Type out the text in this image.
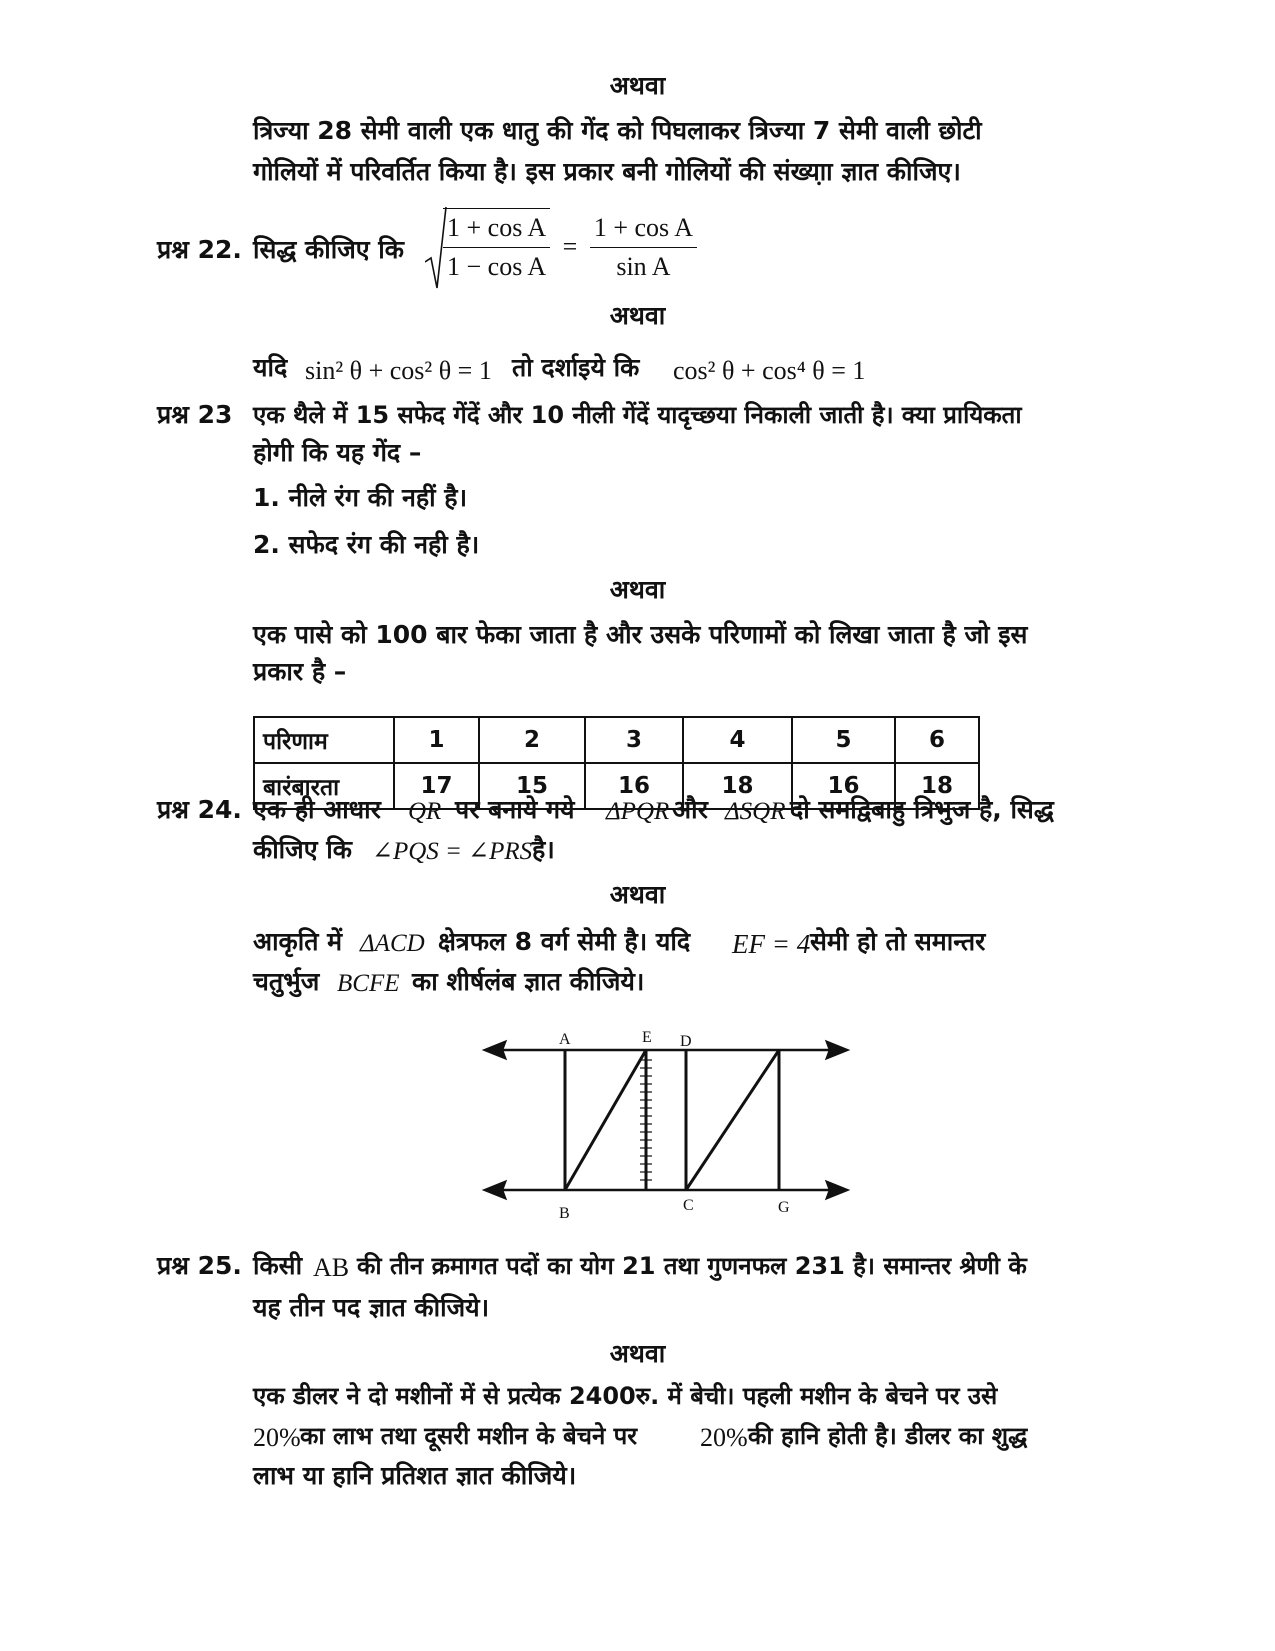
अथवा
त्रिज्या 28 सेमी वाली एक धातु की गेंद को पिघलाकर त्रिज्या 7 सेमी वाली छोटी
गोलियों में परिवर्तित किया है। इस प्रकार बनी गोलियों की संख्या़ा ज्ञात कीजिए।
प्रश्न 22. सिद्ध कीजिए कि $\frac{\text{1 + cos A}}{\text{1 − cos A}} = \frac{\text{1 + cos A}}{\text{sin A}}$
अथवा
यदि sin² θ + cos² θ = 1 तो दर्शाइये कि cos² θ + cos⁴ θ = 1
प्रश्न 23 एक थैले में 15 सफेद गेंदें और 10 नीली गेंदें यादृच्छया निकाली जाती है। क्या प्रायिकता
होगी कि यह गेंद –
1. नीले रंग की नहीं है।
2. सफेद रंग की नही है।
अथवा
एक पासे को 100 बार फेका जाता है और उसके परिणामों को लिखा जाता है जो इस
प्रकार है –
परिणाम	1	2	3	4	5	6
बारंबारता	17	15	16	18	16	18
प्रश्न 24. एक ही आधार QR पर बनाये गये ΔPQR और ΔSQR दो समद्विबाहु त्रिभुज है, सिद्ध
कीजिए कि ∠PQS = ∠PRS है।
अथवा
आकृति में ΔACD क्षेत्रफल 8 वर्ग सेमी है। यदि EF = 4 सेमी हो तो समान्तर
चतुर्भुज BCFE का शीर्षलंब ज्ञात कीजिये।
A	E D
B	C	G
प्रश्न 25. किसी AB की तीन क्रमागत पदों का योग 21 तथा गुणनफल 231 है। समान्तर श्रेणी के
यह तीन पद ज्ञात कीजिये।
अथवा
एक डीलर ने दो मशीनों में से प्रत्येक 2400रु. में बेची। पहली मशीन के बेचने पर उसे
20% का लाभ तथा दूसरी मशीन के बेचने पर 20% की हानि होती है। डीलर का शुद्ध
लाभ या हानि प्रतिशत ज्ञात कीजिये।
